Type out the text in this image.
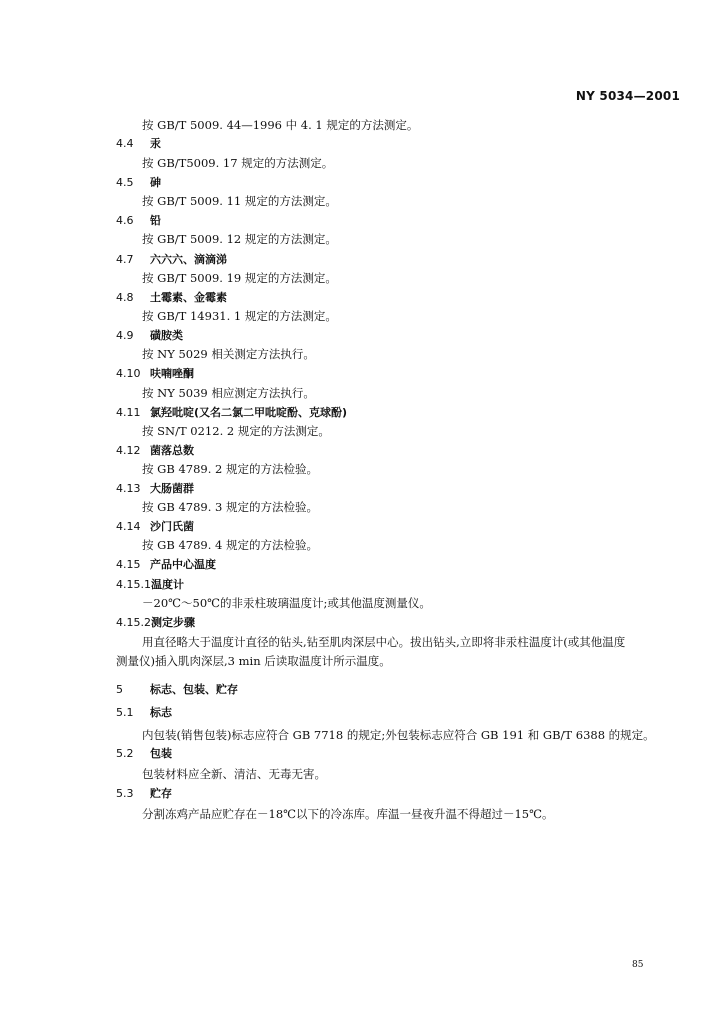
NY 5034—2001
按 GB/T 5009. 44—1996 中 4. 1 规定的方法测定。
4.4 汞
按 GB/T5009. 17 规定的方法测定。
4.5 砷
按 GB/T 5009. 11 规定的方法测定。
4.6 铅
按 GB/T 5009. 12 规定的方法测定。
4.7 六六六、滴滴涕
按 GB/T 5009. 19 规定的方法测定。
4.8 土霉素、金霉素
按 GB/T 14931. 1 规定的方法测定。
4.9 磺胺类
按 NY 5029 相关测定方法执行。
4.10 呋喃唑酮
按 NY 5039 相应测定方法执行。
4.11 氯羟吡啶(又名二氯二甲吡啶酚、克球酚)
按 SN/T 0212. 2 规定的方法测定。
4.12 菌落总数
按 GB 4789. 2 规定的方法检验。
4.13 大肠菌群
按 GB 4789. 3 规定的方法检验。
4.14 沙门氏菌
按 GB 4789. 4 规定的方法检验。
4.15 产品中心温度
4.15.1温度计
－20℃～50℃的非汞柱玻璃温度计;或其他温度测量仪。
4.15.2测定步骤
用直径略大于温度计直径的钻头,钻至肌肉深层中心。拔出钻头,立即将非汞柱温度计(或其他温度
测量仪)插入肌肉深层,3 min 后读取温度计所示温度。
5 标志、包装、贮存
5.1 标志
内包装(销售包装)标志应符合 GB 7718 的规定;外包装标志应符合 GB 191 和 GB/T 6388 的规定。
5.2 包装
包装材料应全新、清洁、无毒无害。
5.3 贮存
分割冻鸡产品应贮存在－18℃以下的冷冻库。库温一昼夜升温不得超过－15℃。
85
